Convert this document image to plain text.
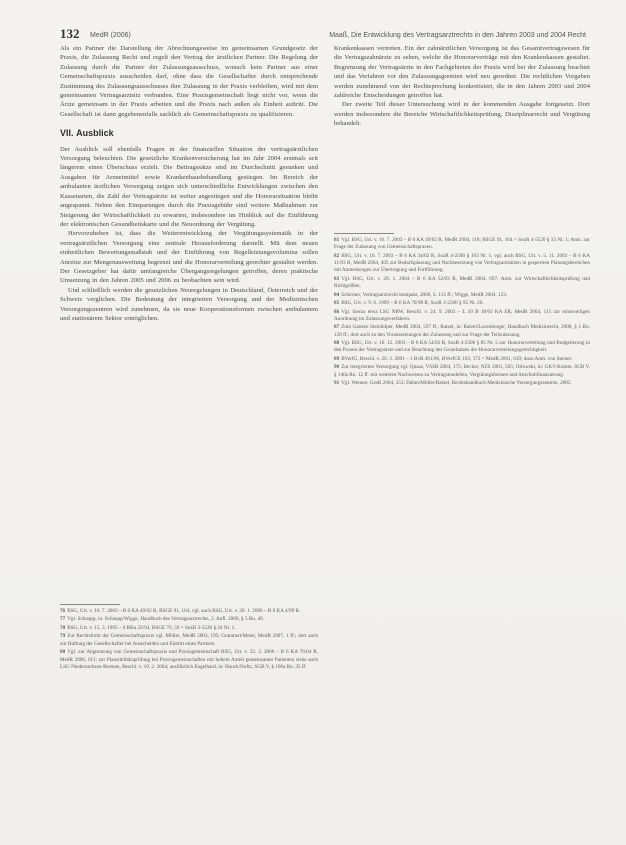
132 MedR (2006)	Maaß, Die Entwicklung des Vertragsarztrechts in den Jahren 2003 und 2004 Recht

Als ein Partner die Darstellung der Abrechnungsweise im gemeinsamen Grundgesetz der Praxis, die Zulassung Recht und regelt den Vertrag der ärztlichen Partner. Die Regelung der Zulassung durch die Partner der Zulassungsausschuss, wonach kein Partner aus einer Gemeinschaftspraxis ausscheiden darf, ohne dass die Gesellschafter durch entsprechende Zustimmung des Zulassungsausschusses ihre Zulassung in der Praxis verbleiben, wird mit dem gemeinsamen Vertragsarztsitz verbunden. Eine Praxisgemeinschaft liegt nicht vor, wenn die Ärzte gemeinsam in der Praxis arbeiten und die Praxis nach außen als Einheit auftritt. Die Gesellschaft ist dann gegebenenfalls sachlich als Gemeinschaftspraxis zu qualifizieren.

VII. Ausblick

Der Ausblick soll ebenfalls Fragen in der finanziellen Situation der vertragsärztlichen Versorgung beleuchten. Die gesetzliche Krankenversicherung hat im Jahr 2004 erstmals seit längerem einen Überschuss erzielt. Die Beitragssätze sind im Durchschnitt gesunken und Ausgaben für Arzneimittel sowie Krankenhausbehandlung gestiegen. Im Bereich der ambulanten ärztlichen Versorgung zeigen sich unterschiedliche Entwicklungen zwischen den Kassenarten, die Zahl der Vertragsärzte ist weiter angestiegen und die Honorarsituation bleibt angespannt. Neben den Einsparungen durch die Praxisgebühr sind weitere Maßnahmen zur Steigerung der Wirtschaftlichkeit zu erwarten, insbesondere im Hinblick auf die Einführung der elektronischen Gesundheitskarte und die Neuordnung der Vergütung.

Hervorzuheben ist, dass die Weiterentwicklung der Vergütungssystematik in der vertragsärztlichen Versorgung eine zentrale Herausforderung darstellt. Mit dem neuen einheitlichen Bewertungsmaßstab und der Einführung von Regelleistungsvolumina sollen Anreize zur Mengenausweitung begrenzt und die Honorarverteilung gerechter gestaltet werden. Der Gesetzgeber hat dafür umfangreiche Übergangsregelungen getroffen, deren praktische Umsetzung in den Jahren 2005 und 2006 zu beobachten sein wird.

Und schließlich werden die gesetzlichen Neuregelungen in Deutschland, Österreich und der Schweiz verglichen. Die Bedeutung der integrierten Versorgung und der Medizinischen Versorgungszentren wird zunehmen, da sie neue Kooperationsformen zwischen ambulantem und stationärem Sektor ermöglichen.

Krankenkassen vertreten. Ein der zahnärztlichen Versorgung ist das Gesamtvertragswesen für die Vertragszahnärzte zu sehen, welche die Honorarverträge mit den Krankenkassen gestaltet. Begrenzung der Vertragsärzte in den Fachgebieten der Praxis wird bei der Zulassung beachtet und das Verfahren vor den Zulassungsgremien wird neu geordnet. Die rechtlichen Vorgaben werden zunehmend von der Rechtsprechung konkretisiert, die in den Jahren 2003 und 2004 zahlreiche Entscheidungen getroffen hat.

Der zweite Teil dieser Untersuchung wird in der kommenden Ausgabe fortgesetzt. Dort werden insbesondere die Bereiche Wirtschaftlichkeitsprüfung, Disziplinarrecht und Vergütung behandelt.

81 Vgl. BSG, Urt. v. 16. 7. 2003 – B 6 KA 49/02 R, MedR 2004, 118; BSGE 91, 164 = SozR 4-5520 § 33 Nr. 1; Anm. zur Frage der Zulassung von Gemeinschaftspraxen.

82 BSG, Urt. v. 16. 7. 2003 – B 6 KA 34/02 R, SozR 4-2500 § 103 Nr. 1; vgl. auch BSG, Urt. v. 5. 11. 2003 – B 6 KA 11/03 R, MedR 2004, 405 zur Bedarfsplanung und Nachbesetzung von Vertragsarztsitzen in gesperrten Planungsbereichen mit Anmerkungen zur Übertragung und Fortführung.

83 Vgl. BSG, Urt. v. 28. 1. 2004 – B 6 KA 52/03 R, MedR 2004, 697; Anm. zur Wirtschaftlichkeitsprüfung und Richtgrößen.

84 Schirmer, Vertragsarztrecht kompakt, 2006, S. 112 ff.; Wigge, MedR 2004, 123.

85 BSG, Urt. v. 9. 6. 1999 – B 6 KA 70/98 R, SozR 3-2500 § 95 Nr. 20.

86 Vgl. hierzu etwa LSG NRW, Beschl. v. 24. 9. 2003 – L 10 B 18/03 KA ER, MedR 2004, 115 zur einstweiligen Anordnung im Zulassungsverfahren.

87 Zum Ganzen Steinhilper, MedR 2004, 597 ff.; Ratzel, in: Ratzel/Luxenburger, Handbuch Medizinrecht, 2008, § 5 Rn. 120 ff.; dort auch zu den Voraussetzungen der Zulassung und zur Frage der Teilzulassung.

88 Vgl. BSG, Urt. v. 10. 12. 2003 – B 6 KA 54/02 R, SozR 4-2500 § 85 Nr. 5 zur Honorarverteilung und Budgetierung in den Praxen der Vertragsärzte und zur Beachtung des Grundsatzes der Honorarverteilungsgerechtigkeit.

89 BVerfG, Beschl. v. 20. 3. 2001 – 1 BvR 491/96, BVerfGE 103, 172 = MedR 2001, 639; dazu Anm. von Steiner.

90 Zur integrierten Versorgung vgl. Quaas, VSSR 2004, 175; Becker, NZS 2001, 505; Orlowski, in: GKV-Komm. SGB V, § 140a Rn. 12 ff. mit weiteren Nachweisen zu Vertragsmodellen, Vergütungsformen und Anschubfinanzierung.

91 Vgl. Wenner, GesR 2004, 353; Dahm/Möller/Ratzel, Rechtshandbuch Medizinische Versorgungszentren, 2005.

76 BSG, Urt. v. 16. 7. 2003 – B 6 KA 49/02 R, BSGE 91, 164; vgl. auch BSG, Urt. v. 26. 1. 2000 – B 6 KA 4/99 R.

77 Vgl. Schnapp, in: Schnapp/Wigge, Handbuch des Vertragsarztrechts, 2. Aufl. 2006, § 5 Rn. 40.

78 BSG, Urt. v. 15. 3. 1995 – 6 RKa 23/94, BSGE 76, 59 = SozR 3-5520 § 24 Nr. 1.

79 Zur Rechtsform der Gemeinschaftspraxis vgl. Möller, MedR 2003, 195; Gummert/Meier, MedR 2007, 1 ff.; dort auch zur Haftung der Gesellschafter bei Ausscheiden und Eintritt eines Partners.

80 Vgl. zur Abgrenzung von Gemeinschaftspraxis und Praxisgemeinschaft BSG, Urt. v. 22. 3. 2006 – B 6 KA 76/04 R, MedR 2006, 611; zur Plausibilitätsprüfung bei Praxisgemeinschaften mit hohem Anteil gemeinsamer Patienten siehe auch LSG Niedersachsen-Bremen, Beschl. v. 10. 2. 2004; ausführlich Engelhard, in: Hauck/Noftz, SGB V, § 106a Rn. 35 ff.
